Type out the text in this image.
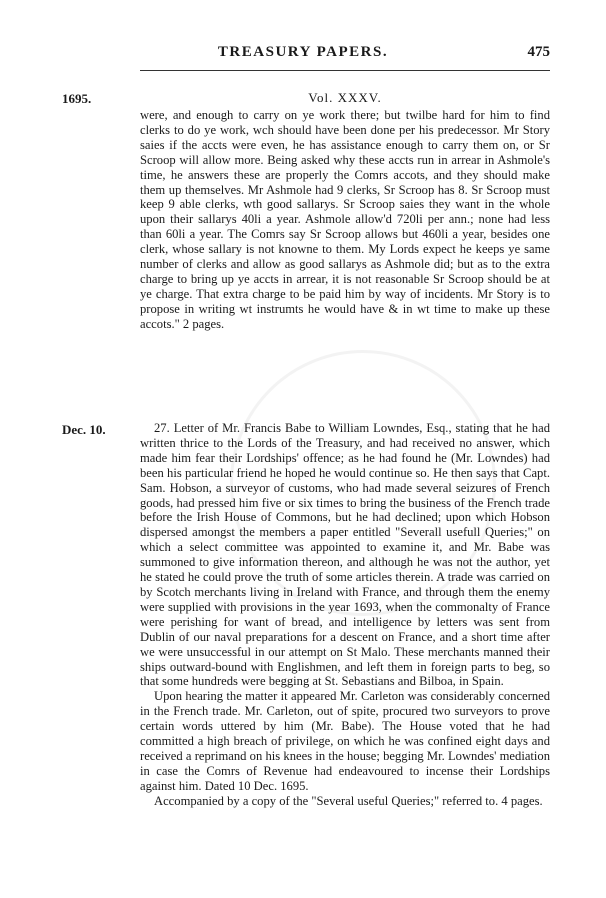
TREASURY PAPERS.	475
1695.	Vol. XXXV.

were, and enough to carry on ye work there; but twilbe hard for him to find clerks to do ye work, wch should have been done per his predecessor. Mr Story saies if the accts were even, he has assistance enough to carry them on, or Sr Scroop will allow more. Being asked why these accts run in arrear in Ashmole's time, he answers these are properly the Comrs accots, and they should make them up themselves. Mr Ashmole had 9 clerks, Sr Scroop has 8. Sr Scroop must keep 9 able clerks, wth good sallarys. Sr Scroop saies they want in the whole upon their sallarys 40li a year. Ashmole allow'd 720li per ann.; none had less than 60li a year. The Comrs say Sr Scroop allows but 460li a year, besides one clerk, whose sallary is not knowne to them. My Lords expect he keeps ye same number of clerks and allow as good sallarys as Ashmole did; but as to the extra charge to bring up ye accts in arrear, it is not reasonable Sr Scroop should be at ye charge. That extra charge to be paid him by way of incidents. Mr Story is to propose in writing wt instrumts he would have & in wt time to make up these accots." 2 pages.

Dec. 10.	27. Letter of Mr. Francis Babe to William Lowndes, Esq., stating that he had written thrice to the Lords of the Treasury, and had received no answer, which made him fear their Lordships' offence; as he had found he (Mr. Lowndes) had been his particular friend he hoped he would continue so. He then says that Capt. Sam. Hobson, a surveyor of customs, who had made several seizures of French goods, had pressed him five or six times to bring the business of the French trade before the Irish House of Commons, but he had declined; upon which Hobson dispersed amongst the members a paper entitled "Severall usefull Queries;" on which a select committee was appointed to examine it, and Mr. Babe was summoned to give information thereon, and although he was not the author, yet he stated he could prove the truth of some articles therein. A trade was carried on by Scotch merchants living in Ireland with France, and through them the enemy were supplied with provisions in the year 1693, when the commonalty of France were perishing for want of bread, and intelligence by letters was sent from Dublin of our naval preparations for a descent on France, and a short time after we were unsuccessful in our attempt on St Malo. These merchants manned their ships outward-bound with Englishmen, and left them in foreign parts to beg, so that some hundreds were begging at St. Sebastians and Bilboa, in Spain.

Upon hearing the matter it appeared Mr. Carleton was considerably concerned in the French trade. Mr. Carleton, out of spite, procured two surveyors to prove certain words uttered by him (Mr. Babe). The House voted that he had committed a high breach of privilege, on which he was confined eight days and received a reprimand on his knees in the house; begging Mr. Lowndes' mediation in case the Comrs of Revenue had endeavoured to incense their Lordships against him. Dated 10 Dec. 1695.

Accompanied by a copy of the "Several useful Queries;" referred to. 4 pages.
